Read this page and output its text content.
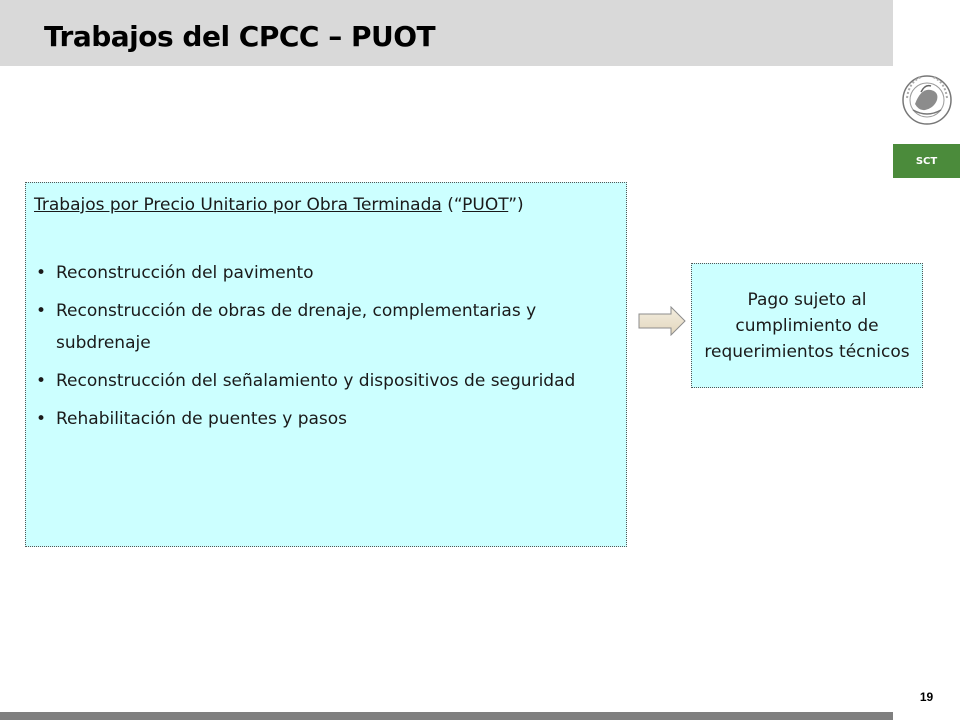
Trabajos del CPCC – PUOT
SCT
Trabajos por Precio Unitario por Obra Terminada (“PUOT”)
• Reconstrucción del pavimento
• Reconstrucción de obras de drenaje, complementarias y subdrenaje
• Reconstrucción del señalamiento y dispositivos de seguridad
• Rehabilitación de puentes y pasos
Pago sujeto al cumplimiento de requerimientos técnicos
19
